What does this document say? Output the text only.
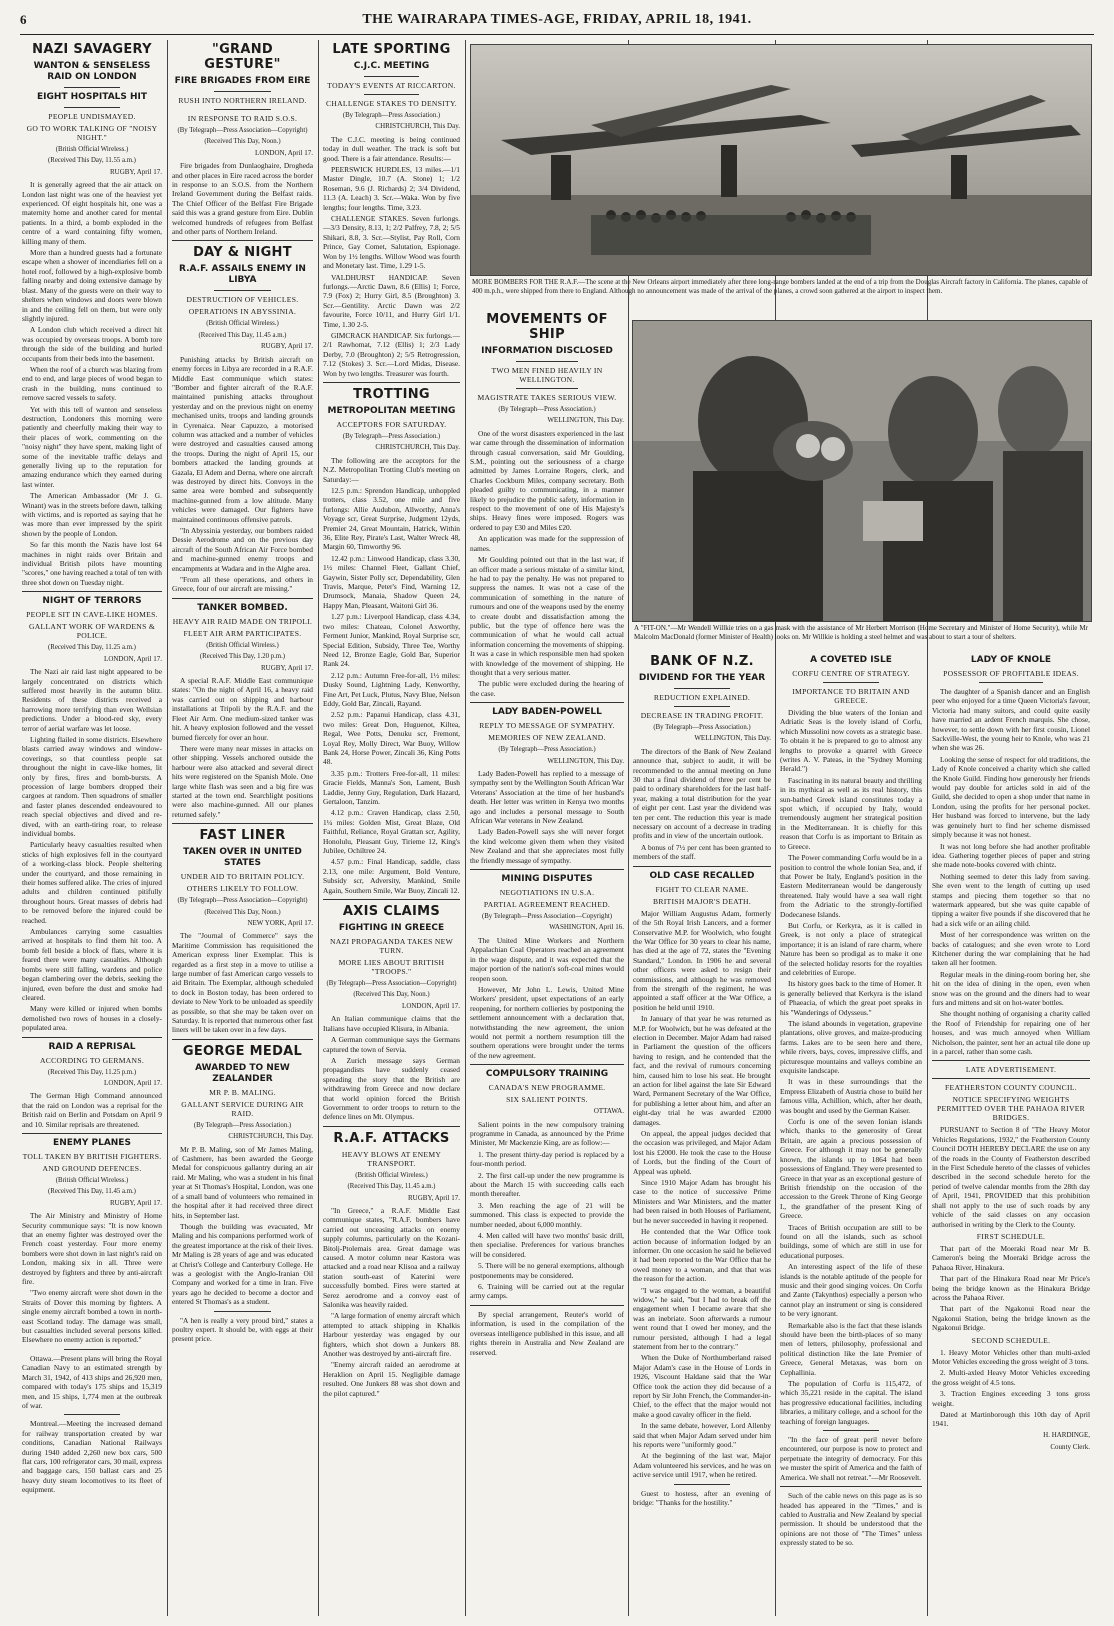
6	THE WAIRARAPA TIMES-AGE, FRIDAY, APRIL 18, 1941.
NAZI SAVAGERY
WANTON & SENSELESS RAID ON LONDON
EIGHT HOSPITALS HIT
PEOPLE UNDISMAYED.
GO TO WORK TALKING OF "NOISY NIGHT."
(British Official Wireless.)
(Received This Day, 11.55 a.m.)
RUGBY, April 17.

It is generally agreed that the air attack on London last night was one of the heaviest yet experienced. Of eight hospitals hit, one was a maternity home and another cared for mental patients. In a third, a bomb exploded in the centre of a ward containing fifty women, killing many of them.

More than a hundred guests had a fortunate escape when a shower of incendiaries fell on a hotel roof, followed by a high-explosive bomb falling nearby and doing extensive damage by blast. Many of the guests were on their way to shelters when windows and doors were blown in and the ceiling fell on them, but were only slightly injured.

A London club which received a direct hit was occupied by overseas troops. A bomb tore through the side of the building and hurled occupants from their beds into the basement.

When the roof of a church was blazing from end to end, and large pieces of wood began to crash in the building, nuns continued to remove sacred vessels to safety.

Yet with this tell of wanton and senseless destruction, Londoners this morning were patiently and cheerfully making their way to their places of work, commenting on the "noisy night" they have spent, making light of some of the inevitable traffic delays and generally living up to the reputation for amazing endurance which they earned during last winter.

The American Ambassador (Mr J. G. Winant) was in the streets before dawn, talking with victims, and is reported as saying that he was more than ever impressed by the spirit shown by the people of London.

So far this month the Nazis have lost 64 machines in night raids over Britain and individual British pilots have mounting "scores," one having reached a total of ten with three shot down on Tuesday night.

NIGHT OF TERRORS
PEOPLE SIT IN CAVE-LIKE HOMES.
GALLANT WORK OF WARDENS & POLICE.
(Received This Day, 11.25 a.m.)
LONDON, April 17.

The Nazi air raid last night appeared to be largely concentrated on districts which suffered most heavily in the autumn blitz. Residents of these districts received a harrowing more terrifying than even Wellsian predictions. Under a blood-red sky, every terror of aerial warfare was let loose.

Lighting flailed in some districts. Elsewhere blasts carried away windows and window-coverings, so that countless people sat throughout the night in cave-like homes, lit only by fires, fires and bomb-bursts. A procession of large bombers dropped their cargoes at random. Then squadrons of smaller and faster planes descended endeavoured to reach special objectives and dived and re-dived, with an earth-tiring roar, to release individual bombs.

Particularly heavy casualties resulted when sticks of high explosives fell in the courtyard of a working-class block. People sheltering under the courtyard, and those remaining in their homes suffered alike. The cries of injured adults and children continued pitifully throughout hours. Great masses of debris had to be removed before the injured could be reached.

Ambulances carrying some casualties arrived at hospitals to find them hit too. A bomb fell beside a block of flats, where it is feared there were many casualties. Although bombs were still falling, wardens and police began clambering over the debris, seeking the injured, even before the dust and smoke had cleared.

Many were killed or injured when bombs demolished two rows of houses in a closely-populated area.

RAID A REPRISAL
ACCORDING TO GERMANS.
(Received This Day, 11.25 p.m.)
LONDON, April 17.

The German High Command announced that the raid on London was a reprisal for the British raid on Berlin and Potsdam on April 9 and 10. Similar reprisals are threatened.

ENEMY PLANES
TOLL TAKEN BY BRITISH FIGHTERS.
AND GROUND DEFENCES.
(British Official Wireless.)
(Received This Day, 11.45 a.m.)
RUGBY, April 17.

The Air Ministry and Ministry of Home Security communique says: "It is now known that an enemy fighter was destroyed over the French coast yesterday. Four more enemy bombers were shot down in last night's raid on London, making six in all. Three were destroyed by fighters and three by anti-aircraft fire.

"Two enemy aircraft were shot down in the Straits of Dover this morning by fighters. A single enemy aircraft bombed a town in north-east Scotland today. The damage was small, but casualties included several persons killed. Elsewhere no enemy action is reported."

Ottawa.—Present plans will bring the Royal Canadian Navy to an estimated strength by March 31, 1942, of 413 ships and 26,920 men, compared with today's 175 ships and 15,319 men, and 15 ships, 1,774 men at the outbreak of war.

Montreal.—Meeting the increased demand for railway transportation created by war conditions, Canadian National Railways during 1940 added 2,260 new box cars, 500 flat cars, 100 refrigerator cars, 30 mail, express and baggage cars, 150 ballast cars and 25 heavy duty steam locomotives to its fleet of equipment.

"GRAND GESTURE"
FIRE BRIGADES FROM EIRE
RUSH INTO NORTHERN IRELAND.
IN RESPONSE TO RAID S.O.S.
(By Telegraph—Press Association—Copyright)
(Received This Day, Noon.)
LONDON, April 17.

Fire brigades from Dunlaoghaire, Drogheda and other places in Eire raced across the border in response to an S.O.S. from the Northern Ireland Government during the Belfast raids. The Chief Officer of the Belfast Fire Brigade said this was a grand gesture from Eire. Dublin welcomed hundreds of refugees from Belfast and other parts of Northern Ireland.

DAY & NIGHT
R.A.F. ASSAILS ENEMY IN LIBYA
DESTRUCTION OF VEHICLES.
OPERATIONS IN ABYSSINIA.
(British Official Wireless.)
(Received This Day, 11.45 a.m.)
RUGBY, April 17.

Punishing attacks by British aircraft on enemy forces in Libya are recorded in a R.A.F. Middle East communique which states: "Bomber and fighter aircraft of the R.A.F. maintained punishing attacks throughout yesterday and on the previous night on enemy mechanised units, troops and landing grounds in Cyrenaica. Near Capuzzo, a motorised column was attacked and a number of vehicles were destroyed and casualties caused among the troops. During the night of April 15, our bombers attacked the landing grounds at Gazala, El Adem and Derna, where one aircraft was destroyed by direct hits. Convoys in the same area were bombed and subsequently machine-gunned from a low altitude. Many vehicles were damaged. Our fighters have maintained continuous offensive patrols.

"In Abyssinia yesterday, our bombers raided Dessie Aerodrome and on the previous day aircraft of the South African Air Force bombed and machine-gunned enemy troops and encampments at Wadara and in the Alghe area.

"From all these operations, and others in Greece, four of our aircraft are missing."

TANKER BOMBED.
HEAVY AIR RAID MADE ON TRIPOLI.
FLEET AIR ARM PARTICIPATES.
(British Official Wireless.)
(Received This Day, 1.20 p.m.)
RUGBY, April 17.

A special R.A.F. Middle East communique states: "On the night of April 16, a heavy raid was carried out on shipping and harbour installations at Tripoli by the R.A.F. and the Fleet Air Arm. One medium-sized tanker was hit. A heavy explosion followed and the vessel burned fiercely for over an hour.

There were many near misses in attacks on other shipping. Vessels anchored outside the harbour were also attacked and several direct hits were registered on the Spanish Mole. One large white flash was seen and a big fire was started at the town end. Searchlight positions were also machine-gunned. All our planes returned safely."

FAST LINER
TAKEN OVER IN UNITED STATES
UNDER AID TO BRITAIN POLICY.
OTHERS LIKELY TO FOLLOW.
(By Telegraph—Press Association—Copyright)
(Received This Day, Noon.)
NEW YORK, April 17.

The "Journal of Commerce" says the Maritime Commission has requisitioned the American express liner Exemplar. This is regarded as a first step in a move to utilise a large number of fast American cargo vessels to aid Britain. The Exemplar, although scheduled to dock in Boston today, has been ordered to deviate to New York to be unloaded as speedily as possible, so that she may be taken over on Saturday. It is reported that numerous other fast liners will be taken over in a few days.

GEORGE MEDAL
AWARDED TO NEW ZEALANDER
MR P. B. MALING.
GALLANT SERVICE DURING AIR RAID.
(By Telegraph—Press Association.)
CHRISTCHURCH, This Day.

Mr P. B. Maling, son of Mr James Maling, of Cashmere, has been awarded the George Medal for conspicuous gallantry during an air raid. Mr Maling, who was a student in his final year at St Thomas's Hospital, London, was one of a small band of volunteers who remained in the hospital after it had received three direct hits, in September last.

Though the building was evacuated, Mr Maling and his companions performed work of the greatest importance at the risk of their lives. Mr Maling is 28 years of age and was educated at Christ's College and Canterbury College. He was a geologist with the Anglo-Iranian Oil Company and worked for a time in Iran. Five years ago he decided to become a doctor and entered St Thomas's as a student.

"A hen is really a very proud bird," states a poultry expert. It should be, with eggs at their present price.

LATE SPORTING
C.J.C. MEETING
TODAY'S EVENTS AT RICCARTON.
CHALLENGE STAKES TO DENSITY.
(By Telegraph—Press Association.)
CHRISTCHURCH, This Day.

The C.J.C. meeting is being continued today in dull weather. The track is soft but good. There is a fair attendance. Results:—

PEERSWICK HURDLES, 13 miles.—1/1 Master Dingle, 10.7 (A. Stone) 1; 1/2 Roseman, 9.6 (J. Richards) 2; 3/4 Dividend, 11.3 (A. Leach) 3. Scr.—Waka. Won by five lengths; four lengths. Time, 3.23.

CHALLENGE STAKES. Seven furlongs.—3/3 Density, 8.13, 1; 2/2 Palfrey, 7.8, 2; 5/5 Shikari, 8.8, 3. Scr.—Stylist, Pay Roll, Corn Prince, Gay Comet, Salutation, Espionage. Won by 1½ lengths. Willow Wood was fourth and Monetary last. Time, 1.29 1-5.

VALDHURST HANDICAP. Seven furlongs.—Arctic Dawn, 8.6 (Ellis) 1; Force, 7.9 (Fox) 2; Hurry Girl, 8.5 (Broughton) 3. Scr.—Gentility. Arctic Dawn was 2/2 favourite, Force 10/11, and Hurry Girl 1/1. Time, 1.30 2-5.

GIMCRACK HANDICAP. Six furlongs.—2/1 Rawhomat, 7.12 (Ellis) 1; 2/3 Lady Derby, 7.0 (Broughton) 2; 5/5 Retrogression, 7.12 (Stokes) 3. Scr.—Lord Midas, Disease. Won by two lengths. Treasurer was fourth.

TROTTING
METROPOLITAN MEETING
ACCEPTORS FOR SATURDAY.
(By Telegraph—Press Association.)
CHRISTCHURCH, This Day.

The following are the acceptors for the N.Z. Metropolitan Trotting Club's meeting on Saturday:—

12.5 p.m.: Sprendon Handicap, unhoppled trotters, class 3.52, one mile and five furlongs: Allie Audubon, Allworthy, Anna's Voyage scr, Great Surprise, Judgment 12yds, Premier 24, Great Mountain, Hatrick, Within 36, Elite Rey, Pirate's Last, Walter Wreck 48, Margin 60, Timworthy 96.

12.42 p.m.: Linwood Handicap, class 3.30, 1½ miles: Channel Fleet, Gallant Chief, Gaywin, Sister Polly scr, Dependability, Glen Travis, Marque, Peter's Find, Warning 12, Drumsock, Manaia, Shadow Queen 24, Happy Man, Pleasant, Waitoni Girl 36.

1.27 p.m.: Liverpool Handicap, class 4.34, two miles: Chateau, Colonel Axworthy, Ferment Junior, Mankind, Royal Surprise scr, Special Edition, Subsidy, Three Tee, Worthy Need 12, Bronze Eagle, Gold Bar, Superior Rank 24.

2.12 p.m.: Autumn Free-for-all, 1½ miles: Dusky Sound, Lightning Lady, Kenworthy, Fine Art, Pet Luck, Plutus, Navy Blue, Nelson Eddy, Gold Bar, Zincali, Rayand.

2.52 p.m.: Papanui Handicap, class 4.31, two miles: Great Don, Huguenot, Kiltea, Regal, Wee Potts, Denuku scr, Fremont, Loyal Rey, Molly Direct, War Buoy, Willow Bank 24, Horse Power, Zincali 36, King Potts 48.

3.35 p.m.: Trotters Free-for-all, 11 miles: Gracie Fields, Manna's Son, Lament, Bush Laddie, Jenny Guy, Regulation, Dark Hazard, Gertaloon, Tanzim.

4.12 p.m.: Craven Handicap, class 2.50, 1¼ miles: Golden Mist, Great Blaze, Old Faithful, Reliance, Royal Grattan scr, Agility, Honolulu, Pleasant Guy, Tirieme 12, King's Jubilee, Ochiltree 24.

4.57 p.m.: Final Handicap, saddle, class 2.13, one mile: Argument, Bold Venture, Subsidy scr, Adversity, Mankind, Smile Again, Southern Smile, War Buoy, Zincali 12.

AXIS CLAIMS
FIGHTING IN GREECE
NAZI PROPAGANDA TAKES NEW TURN.
MORE LIES ABOUT BRITISH "TROOPS."
(By Telegraph—Press Association—Copyright)
(Received This Day, Noon.)
LONDON, April 17.

An Italian communique claims that the Italians have occupied Klisura, in Albania.

A German communique says the Germans captured the town of Servia.

A Zurich message says German propagandists have suddenly ceased spreading the story that the British are withdrawing from Greece and now declare that world opinion forced the British Government to order troops to return to the defence lines on Mt. Olympus.

R.A.F. ATTACKS
HEAVY BLOWS AT ENEMY TRANSPORT.
(British Official Wireless.)
(Received This Day, 11.45 a.m.)
RUGBY, April 17.

"In Greece," a R.A.F. Middle East communique states, "R.A.F. bombers have carried out unceasing attacks on enemy supply columns, particularly on the Kozani-Bitolj-Ptolemais area. Great damage was caused. A motor column near Kastora was attacked and a road near Klisoa and a railway station south-east of Katerini were successfully bombed. Fires were started at Serez aerodrome and a convoy east of Salonika was heavily raided.

"A large formation of enemy aircraft which attempted to attack shipping in Khalkis Harbour yesterday was engaged by our fighters, which shot down a Junkers 88. Another was destroyed by anti-aircraft fire.

"Enemy aircraft raided an aerodrome at Heraklion on April 15. Negligible damage resulted. One Junkers 88 was shot down and the pilot captured."

MORE BOMBERS FOR THE R.A.F.—The scene at the New Orleans airport immediately after three long-range bombers landed at the end of a trip from the Douglas Aircraft factory in California. The planes, capable of 400 m.p.h., were shipped from there to England. Although no announcement was made of the arrival of the planes, a crowd soon gathered at the airport to inspect them.
MOVEMENTS OF SHIP
INFORMATION DISCLOSED
TWO MEN FINED HEAVILY IN WELLINGTON.
MAGISTRATE TAKES SERIOUS VIEW.
(By Telegraph—Press Association.)
WELLINGTON, This Day.

One of the worst disasters experienced in the last war came through the dissemination of information through casual conversation, said Mr Goulding, S.M., pointing out the seriousness of a charge admitted by James Lorraine Rogers, clerk, and Charles Cockburn Miles, company secretary. Both pleaded guilty to communicating, in a manner likely to prejudice the public safety, information in respect to the movement of one of His Majesty's ships. Heavy fines were imposed. Rogers was ordered to pay £30 and Miles £20.

An application was made for the suppression of names.

Mr Goulding pointed out that in the last war, if an officer made a serious mistake of a similar kind, he had to pay the penalty. He was not prepared to suppress the names. It was not a case of the communication of something in the nature of rumours and one of the weapons used by the enemy to create doubt and dissatisfaction among the public, but the type of offence here was the communication of what he would call actual information concerning the movements of shipping. It was a case in which responsible men had spoken with knowledge of the movement of shipping. He thought that a very serious matter.

The public were excluded during the hearing of the case.

LADY BADEN-POWELL
REPLY TO MESSAGE OF SYMPATHY.
MEMORIES OF NEW ZEALAND.
(By Telegraph—Press Association.)
WELLINGTON, This Day.

Lady Baden-Powell has replied to a message of sympathy sent by the Wellington South African War Veterans' Association at the time of her husband's death. Her letter was written in Kenya two months ago and includes a personal message to South African War veterans in New Zealand.

Lady Baden-Powell says she will never forget the kind welcome given them when they visited New Zealand and that she appreciates most fully the friendly message of sympathy.

MINING DISPUTES
NEGOTIATIONS IN U.S.A.
PARTIAL AGREEMENT REACHED.
(By Telegraph—Press Association—Copyright)
WASHINGTON, April 16.

The United Mine Workers and Northern Appalachian Coal Operators reached an agreement in the wage dispute, and it was expected that the major portion of the nation's soft-coal mines would reopen soon.

However, Mr John L. Lewis, United Mine Workers' president, upset expectations of an early reopening, for northern collieries by postponing the settlement announcement with a declaration that, notwithstanding the new agreement, the union would not permit a northern resumption till the southern operations were brought under the terms of the new agreement.

COMPULSORY TRAINING
CANADA'S NEW PROGRAMME.
SIX SALIENT POINTS.
OTTAWA.

Salient points in the new compulsory training programme in Canada, as announced by the Prime Minister, Mr Mackenzie King, are as follow:—

1. The present thirty-day period is replaced by a four-month period.

2. The first call-up under the new programme is about the March 15 with succeeding calls each month thereafter.

3. Men reaching the age of 21 will be summoned. This class is expected to provide the number needed, about 6,000 monthly.

4. Men called will have two months' basic drill, then specialise. Preferences for various branches will be considered.

5. There will be no general exemptions, although postponements may be considered.

6. Training will be carried out at the regular army camps.

By special arrangement, Reuter's world of information, is used in the compilation of the overseas intelligence published in this issue, and all rights therein in Australia and New Zealand are reserved.

A "FIT-ON."—Mr Wendell Willkie tries on a gas mask with the assistance of Mr Herbert Morrison (Home Secretary and Minister of Home Security), while Mr Malcolm MacDonald (former Minister of Health) looks on. Mr Willkie is holding a steel helmet and was about to start a tour of shelters.
BANK OF N.Z.
DIVIDEND FOR THE YEAR
REDUCTION EXPLAINED.
DECREASE IN TRADING PROFIT.
(By Telegraph—Press Association.)
WELLINGTON, This Day.

The directors of the Bank of New Zealand announce that, subject to audit, it will be recommended to the annual meeting on June 30 that a final dividend of three per cent be paid to ordinary shareholders for the last half-year, making a total distribution for the year of eight per cent. Last year the dividend was ten per cent. The reduction this year is made necessary on account of a decrease in trading profits and in view of the uncertain outlook.

A bonus of 7½ per cent has been granted to members of the staff.

OLD CASE RECALLED
FIGHT TO CLEAR NAME.
BRITISH MAJOR'S DEATH.

Major William Augustus Adam, formerly of the 5th Royal Irish Lancers, and a former Conservative M.P. for Woolwich, who fought the War Office for 30 years to clear his name, has died at the age of 72, states the "Evening Standard," London. In 1906 he and several other officers were asked to resign their commissions, and although he was removed from the strength of the regiment, he was appointed a staff officer at the War Office, a position he held until 1910.

In January of that year he was returned as M.P. for Woolwich, but he was defeated at the election in December. Major Adam had raised in Parliament the question of the officers having to resign, and he contended that the fact, and the revival of rumours concerning him, caused him to lose his seat. He brought an action for libel against the late Sir Edward Ward, Permanent Secretary of the War Office, for publishing a letter about him, and after an eight-day trial he was awarded £2000 damages.

On appeal, the appeal judges decided that the occasion was privileged, and Major Adam lost his £2000. He took the case to the House of Lords, but the finding of the Court of Appeal was upheld.

Since 1910 Major Adam has brought his case to the notice of successive Prime Ministers and War Ministers, and the matter had been raised in both Houses of Parliament, but he never succeeded in having it reopened.

He contended that the War Office took action because of information lodged by an informer. On one occasion he said he believed it had been reported to the War Office that he owed money to a woman, and that that was the reason for the action.

"I was engaged to the woman, a beautiful widow," he said, "but I had to break off the engagement when I became aware that she was an inebriate. Soon afterwards a rumour went round that I owed her money, and the rumour persisted, although I had a legal statement from her to the contrary."

When the Duke of Northumberland raised Major Adam's case in the House of Lords in 1926, Viscount Haldane said that the War Office took the action they did because of a report by Sir John French, the Commander-in-Chief, to the effect that the major would not make a good cavalry officer in the field.

In the same debate, however, Lord Allenby said that when Major Adam served under him his reports were "uniformly good."

At the beginning of the last war, Major Adam volunteered his services, and he was on active service until 1917, when he retired.

Guest to hostess, after an evening of bridge: "Thanks for the hostility."

A COVETED ISLE
CORFU CENTRE OF STRATEGY.
IMPORTANCE TO BRITAIN AND GREECE.

Dividing the blue waters of the Ionian and Adriatic Seas is the lovely island of Corfu, which Mussolini now covets as a strategic base. To obtain it he is prepared to go to almost any lengths to provoke a quarrel with Greece (writes A. V. Pateas, in the "Sydney Morning Herald.")

Fascinating in its natural beauty and thrilling in its mythical as well as its real history, this sun-bathed Greek island constitutes today a spot which, if occupied by Italy, would tremendously augment her strategical position in the Mediterranean. It is chiefly for this reason that Corfu is as important to Britain as to Greece.

The Power commanding Corfu would be in a position to control the whole Ionian Sea, and, if that Power be Italy, England's position in the Eastern Mediterranean would be dangerously threatened. Italy would have a sea wall right from the Adriatic to the strongly-fortified Dodecanese Islands.

But Corfu, or Kerkyra, as it is called in Greek, is not only a place of strategical importance; it is an island of rare charm, where Nature has been so prodigal as to make it one of the selected holiday resorts for the royalties and celebrities of Europe.

Its history goes back to the time of Homer. It is generally believed that Kerkyra is the island of Phaeacia, of which the great poet speaks in his "Wanderings of Odysseus."

The island abounds in vegetation, grapevine plantations, olive groves, and maize-producing farms. Lakes are to be seen here and there, while rivers, bays, coves, impressive cliffs, and picturesque mountains and valleys combine an exquisite landscape.

It was in these surroundings that the Empress Elizabeth of Austria chose to build her famous villa, Achillion, which, after her death, was bought and used by the German Kaiser.

Corfu is one of the seven Ionian islands which, thanks to the generosity of Great Britain, are again a precious possession of Greece. For although it may not be generally known, the islands up to 1864 had been possessions of England. They were presented to Greece in that year as an exceptional gesture of British friendship on the occasion of the accession to the Greek Throne of King George I., the grandfather of the present King of Greece.

Traces of British occupation are still to be found on all the islands, such as school buildings, some of which are still in use for educational purposes.

An interesting aspect of the life of these islands is the notable aptitude of the people for music and their good singing voices. On Corfu and Zante (Takynthos) especially a person who cannot play an instrument or sing is considered to be very ignorant.

Remarkable also is the fact that these islands should have been the birth-places of so many men of letters, philosophy, professional and political distinction like the late Premier of Greece, General Metaxas, was born on Cephallinia.

The population of Corfu is 115,472, of which 35,221 reside in the capital. The island has progressive educational facilities, including libraries, a military college, and a school for the teaching of foreign languages.

"In the face of great peril never before encountered, our purpose is now to protect and perpetuate the integrity of democracy. For this we muster the spirit of America and the faith of America. We shall not retreat."—Mr Roosevelt.

Such of the cable news on this page as is so headed has appeared in the "Times," and is cabled to Australia and New Zealand by special permission. It should be understood that the opinions are not those of "The Times" unless expressly stated to be so.

LADY OF KNOLE
POSSESSOR OF PROFITABLE IDEAS.

The daughter of a Spanish dancer and an English peer who enjoyed for a time Queen Victoria's favour, Victoria had many suitors, and could quite easily have married an ardent French marquis. She chose, however, to settle down with her first cousin, Lionel Sackville-West, the young heir to Knole, who was 21 when she was 26.

Looking the sense of respect for old traditions, the Lady of Knole conceived a charity which she called the Knole Guild. Finding how generously her friends would pay double for articles sold in aid of the Guild, she decided to open a shop under that name in London, using the profits for her personal pocket. Her husband was forced to intervene, but the lady was genuinely hurt to find her scheme dismissed simply because it was not honest.

It was not long before she had another profitable idea. Gathering together pieces of paper and string she made note-books covered with chintz.

Nothing seemed to deter this lady from saving. She even went to the length of cutting up used stamps and piecing them together so that no watermark appeared, but she was quite capable of tipping a waiter five pounds if she discovered that he had a sick wife or an ailing child.

Most of her correspondence was written on the backs of catalogues; and she even wrote to Lord Kitchener during the war complaining that he had taken all her footmen.

Regular meals in the dining-room boring her, she hit on the idea of dining in the open, even when snow was on the ground and the diners had to wear furs and mittens and sit on hot-water bottles.

She thought nothing of organising a charity called the Roof of Friendship for repairing one of her houses, and was much annoyed when William Nicholson, the painter, sent her an actual tile done up in a parcel, rather than some cash.

LATE ADVERTISEMENT.
FEATHERSTON COUNTY COUNCIL.
NOTICE SPECIFYING WEIGHTS PERMITTED OVER THE PAHAOA RIVER BRIDGES.

PURSUANT to Section 8 of "The Heavy Motor Vehicles Regulations, 1932," the Featherston County Council DOTH HEREBY DECLARE the use on any of the roads in the County of Featherston described in the First Schedule hereto of the classes of vehicles described in the second schedule hereto for the period of twelve calendar months from the 28th day of April, 1941, PROVIDED that this prohibition shall not apply to the use of such roads by any vehicle of the said classes on any occasion authorised in writing by the Clerk to the County.

FIRST SCHEDULE.

That part of the Moeraki Road near Mr B. Cameron's being the Moeraki Bridge across the Pahaoa River, Hinakura.

That part of the Hinakura Road near Mr Price's being the bridge known as the Hinakura Bridge across the Pahaoa River.

That part of the Ngakonui Road near the Ngakonui Station, being the bridge known as the Ngakonui Bridge.

SECOND SCHEDULE.

1. Heavy Motor Vehicles other than multi-axled Motor Vehicles exceeding the gross weight of 3 tons.

2. Multi-axled Heavy Motor Vehicles exceeding the gross weight of 4.5 tons.

3. Traction Engines exceeding 3 tons gross weight.

Dated at Martinborough this 10th day of April 1941.

H. HARDINGE,
County Clerk.
